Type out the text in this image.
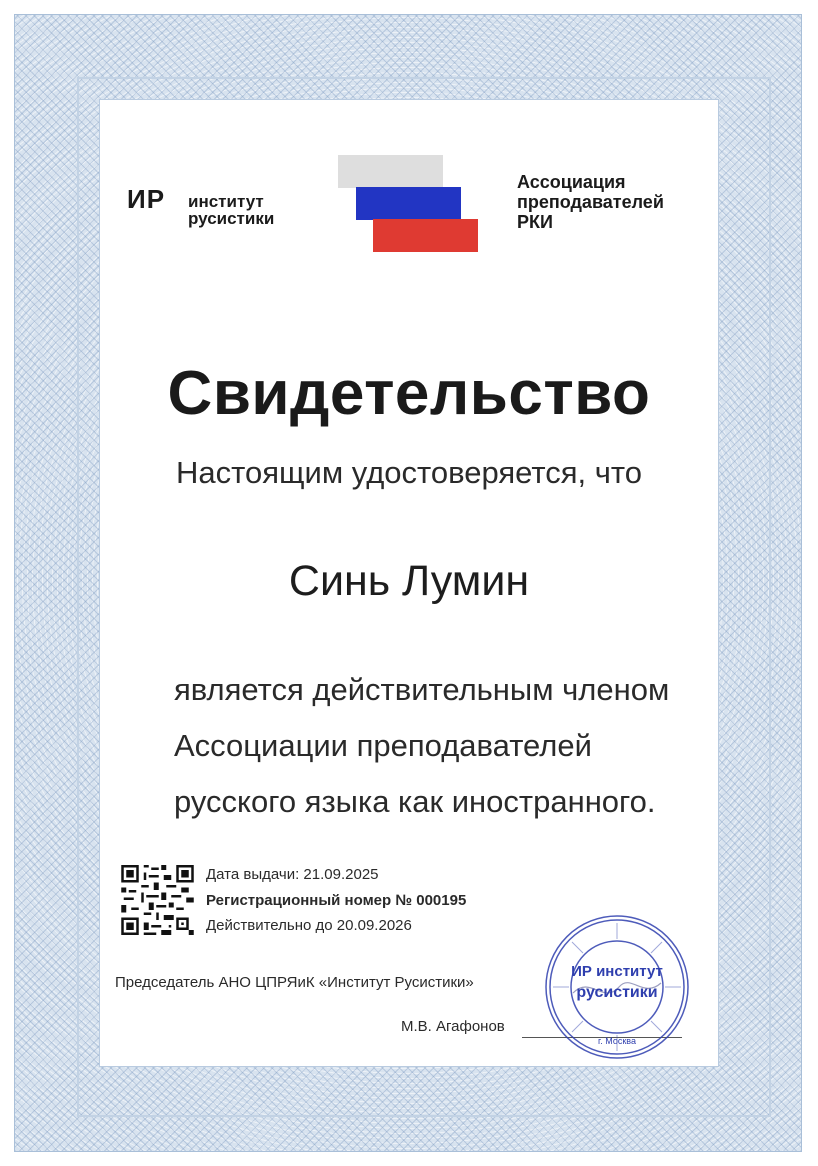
ИР институт
русистики
Ассоциация
преподавателей
РКИ
Свидетельство
Настоящим удостоверяется, что
Синь Лумин
является действительным членом
Ассоциации преподавателей
русского языка как иностранного.
Дата выдачи: 21.09.2025
Регистрационный номер № 000195
Действительно до 20.09.2026
Председатель АНО ЦПРЯиК «Институт Русистики»
М.В. Агафонов
ИР институт
русистики
г. Москва
